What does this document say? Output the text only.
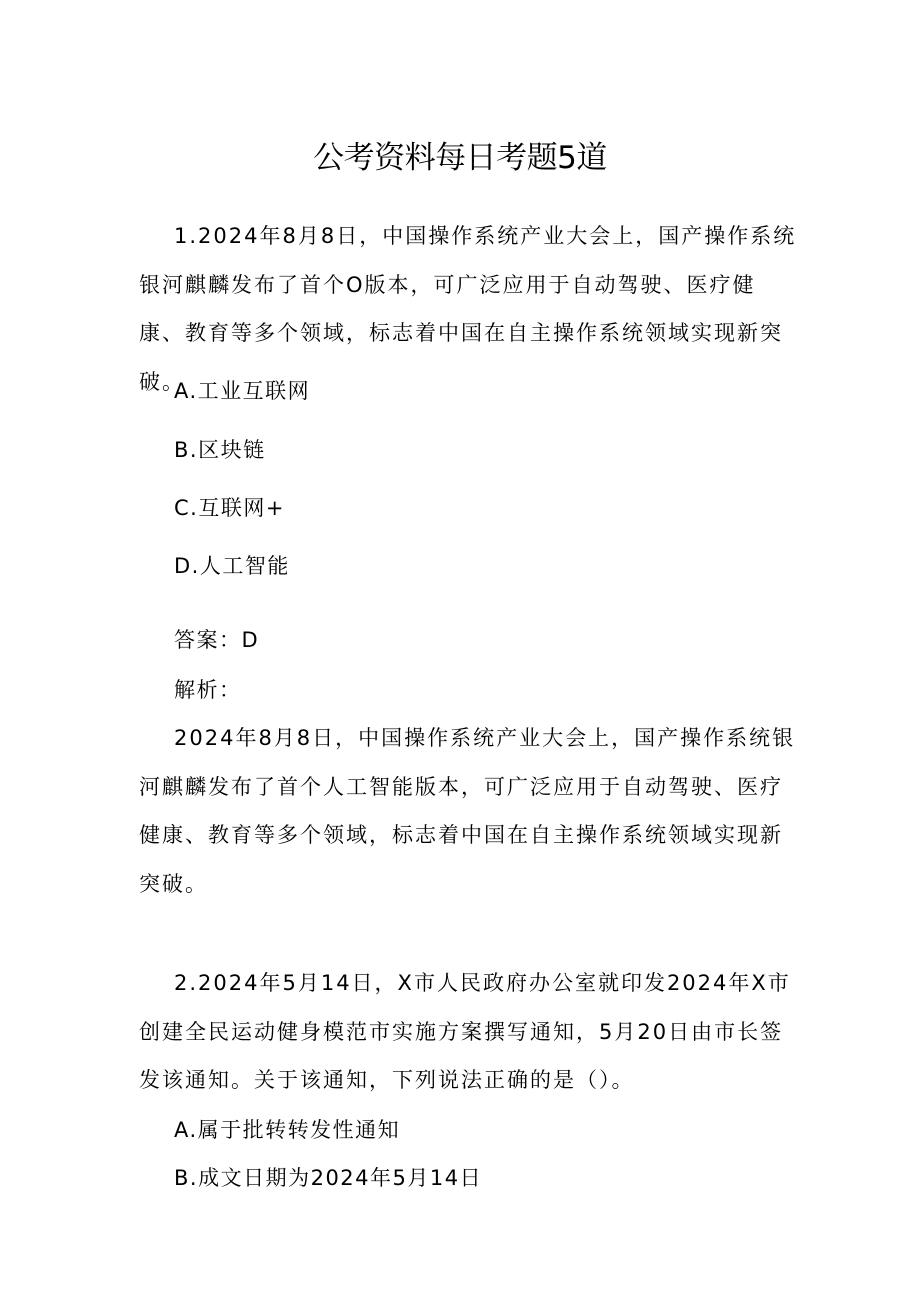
公考资料每日考题5道

1.2024年8月8日，中国操作系统产业大会上，国产操作系统银河麒麟发布了首个O版本，可广泛应用于自动驾驶、医疗健康、教育等多个领域，标志着中国在自主操作系统领域实现新突破。

A.工业互联网
B.区块链
C.互联网+
D.人工智能
答案：D
解析：

2024年8月8日，中国操作系统产业大会上，国产操作系统银河麒麟发布了首个人工智能版本，可广泛应用于自动驾驶、医疗健康、教育等多个领域，标志着中国在自主操作系统领域实现新突破。

2.2024年5月14日，X市人民政府办公室就印发2024年X市创建全民运动健身模范市实施方案撰写通知，5月20日由市长签发该通知。关于该通知，下列说法正确的是（）。

A.属于批转转发性通知
B.成文日期为2024年5月14日
